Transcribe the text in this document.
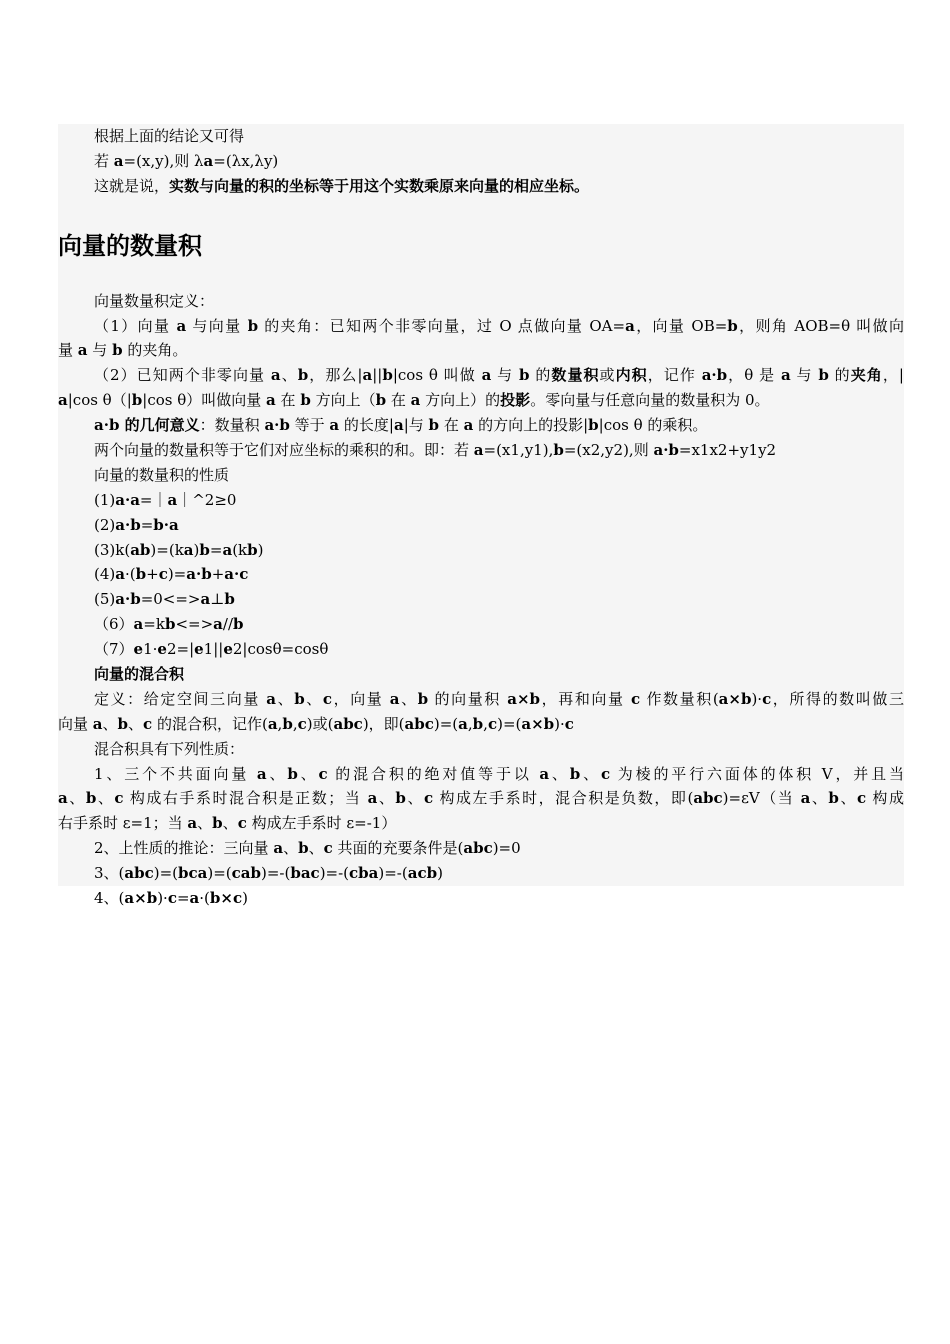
根据上面的结论又可得
若 a=(x,y),则 λa=(λx,λy)
这就是说，实数与向量的积的坐标等于用这个实数乘原来向量的相应坐标。
向量的数量积
向量数量积定义：
（1）向量 a 与向量 b 的夹角：已知两个非零向量，过 O 点做向量 OA=a，向量 OB=b，则角 AOB=θ 叫做向
量 a 与 b 的夹角。
（2）已知两个非零向量 a、b，那么|a||b|cos θ 叫做 a 与 b 的数量积或内积，记作 a·b，θ 是 a 与 b 的夹角，|
a|cos θ（|b|cos θ）叫做向量 a 在 b 方向上（b 在 a 方向上）的投影。零向量与任意向量的数量积为 0。
a·b 的几何意义：数量积 a·b 等于 a 的长度|a|与 b 在 a 的方向上的投影|b|cos θ 的乘积。
两个向量的数量积等于它们对应坐标的乘积的和。即：若 a=(x1,y1),b=(x2,y2),则 a·b=x1x2+y1y2
向量的数量积的性质
(1)a·a=｜a｜^2≥0
(2)a·b=b·a
(3)k(ab)=(ka)b=a(kb)
(4)a·(b+c)=a·b+a·c
(5)a·b=0<=>a⊥b
（6）a=kb<=>a//b
（7）e1·e2=|e1||e2|cosθ=cosθ
向量的混合积
定义：给定空间三向量 a、b、c，向量 a、b 的向量积 a×b，再和向量 c 作数量积(a×b)·c，所得的数叫做三
向量 a、b、c 的混合积，记作(a,b,c)或(abc)，即(abc)=(a,b,c)=(a×b)·c
混合积具有下列性质：
1、三个不共面向量 a、b、c 的混合积的绝对值等于以 a、b、c 为棱的平行六面体的体积 V，并且当
a、b、c 构成右手系时混合积是正数；当 a、b、c 构成左手系时，混合积是负数，即(abc)=εV（当 a、b、c 构成
右手系时 ε=1；当 a、b、c 构成左手系时 ε=-1）
2、上性质的推论：三向量 a、b、c 共面的充要条件是(abc)=0
3、(abc)=(bca)=(cab)=-(bac)=-(cba)=-(acb)
4、(a×b)·c=a·(b×c)
